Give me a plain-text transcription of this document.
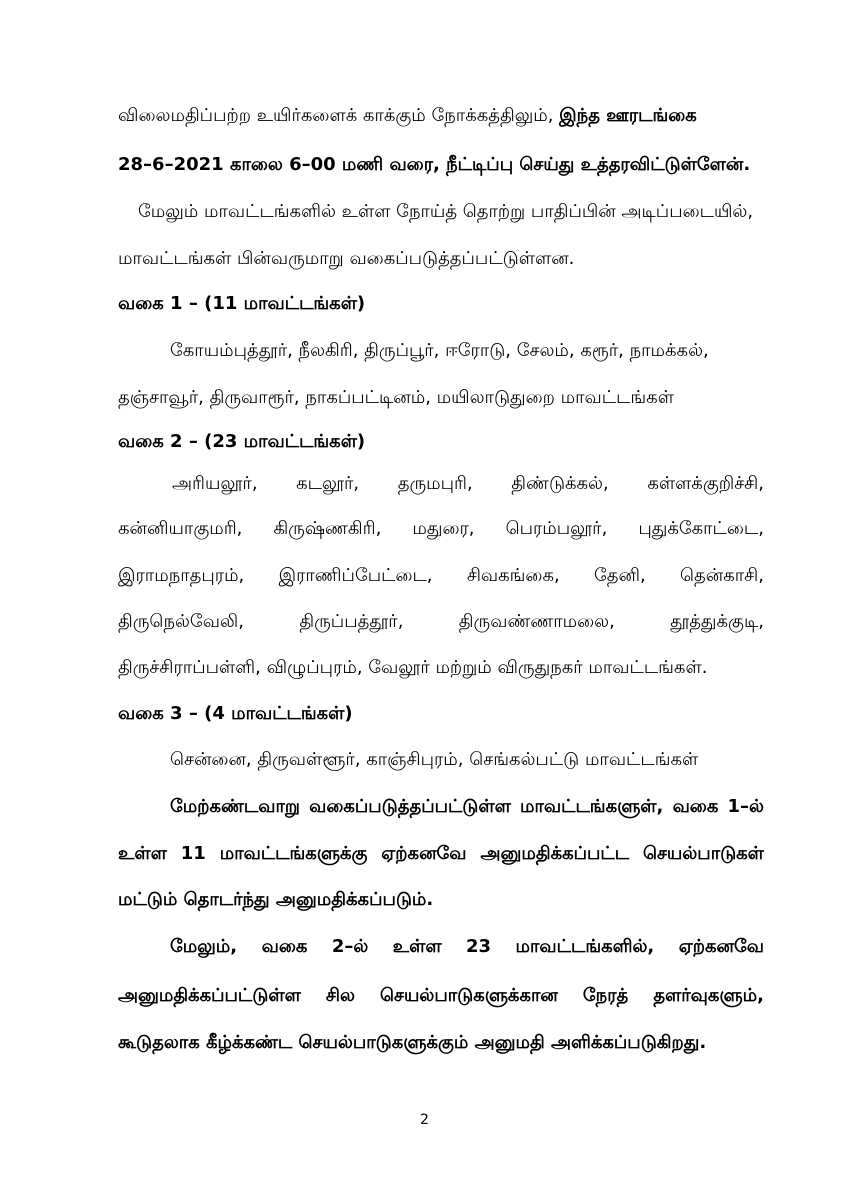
விலைமதிப்பற்ற உயிர்களைக் காக்கும் நோக்கத்திலும், இந்த ஊரடங்கை
28–6–2021 காலை 6–00 மணி வரை, நீட்டிப்பு செய்து உத்தரவிட்டுள்ளேன்.
மேலும் மாவட்டங்களில் உள்ள நோய்த் தொற்று பாதிப்பின் அடிப்படையில்,
மாவட்டங்கள் பின்வருமாறு வகைப்படுத்தப்பட்டுள்ளன.
வகை 1 – (11 மாவட்டங்கள்)
கோயம்புத்தூர், நீலகிரி, திருப்பூர், ஈரோடு, சேலம், கரூர், நாமக்கல்,
தஞ்சாவூர், திருவாரூர், நாகப்பட்டினம், மயிலாடுதுறை மாவட்டங்கள்
வகை 2 – (23 மாவட்டங்கள்)
அரியலூர், கடலூர், தருமபுரி, திண்டுக்கல், கள்ளக்குறிச்சி,
கன்னியாகுமரி, கிருஷ்ணகிரி, மதுரை, பெரம்பலூர், புதுக்கோட்டை,
இராமநாதபுரம், இராணிப்பேட்டை, சிவகங்கை, தேனி, தென்காசி,
திருநெல்வேலி,	திருப்பத்தூர்,	திருவண்ணாமலை,	தூத்துக்குடி,
திருச்சிராப்பள்ளி, விழுப்புரம், வேலூர் மற்றும் விருதுநகர் மாவட்டங்கள்.
வகை 3 – (4 மாவட்டங்கள்)
சென்னை, திருவள்ளூர், காஞ்சிபுரம், செங்கல்பட்டு மாவட்டங்கள்
மேற்கண்டவாறு வகைப்படுத்தப்பட்டுள்ள மாவட்டங்களுள், வகை 1–ல்
உள்ள 11 மாவட்டங்களுக்கு ஏற்கனவே அனுமதிக்கப்பட்ட செயல்பாடுகள்
மட்டும் தொடர்ந்து அனுமதிக்கப்படும்.
மேலும், வகை 2–ல் உள்ள 23 மாவட்டங்களில், ஏற்கனவே
அனுமதிக்கப்பட்டுள்ள சில செயல்பாடுகளுக்கான நேரத் தளர்வுகளும்,
கூடுதலாக கீழ்க்கண்ட செயல்பாடுகளுக்கும் அனுமதி அளிக்கப்படுகிறது.
2
